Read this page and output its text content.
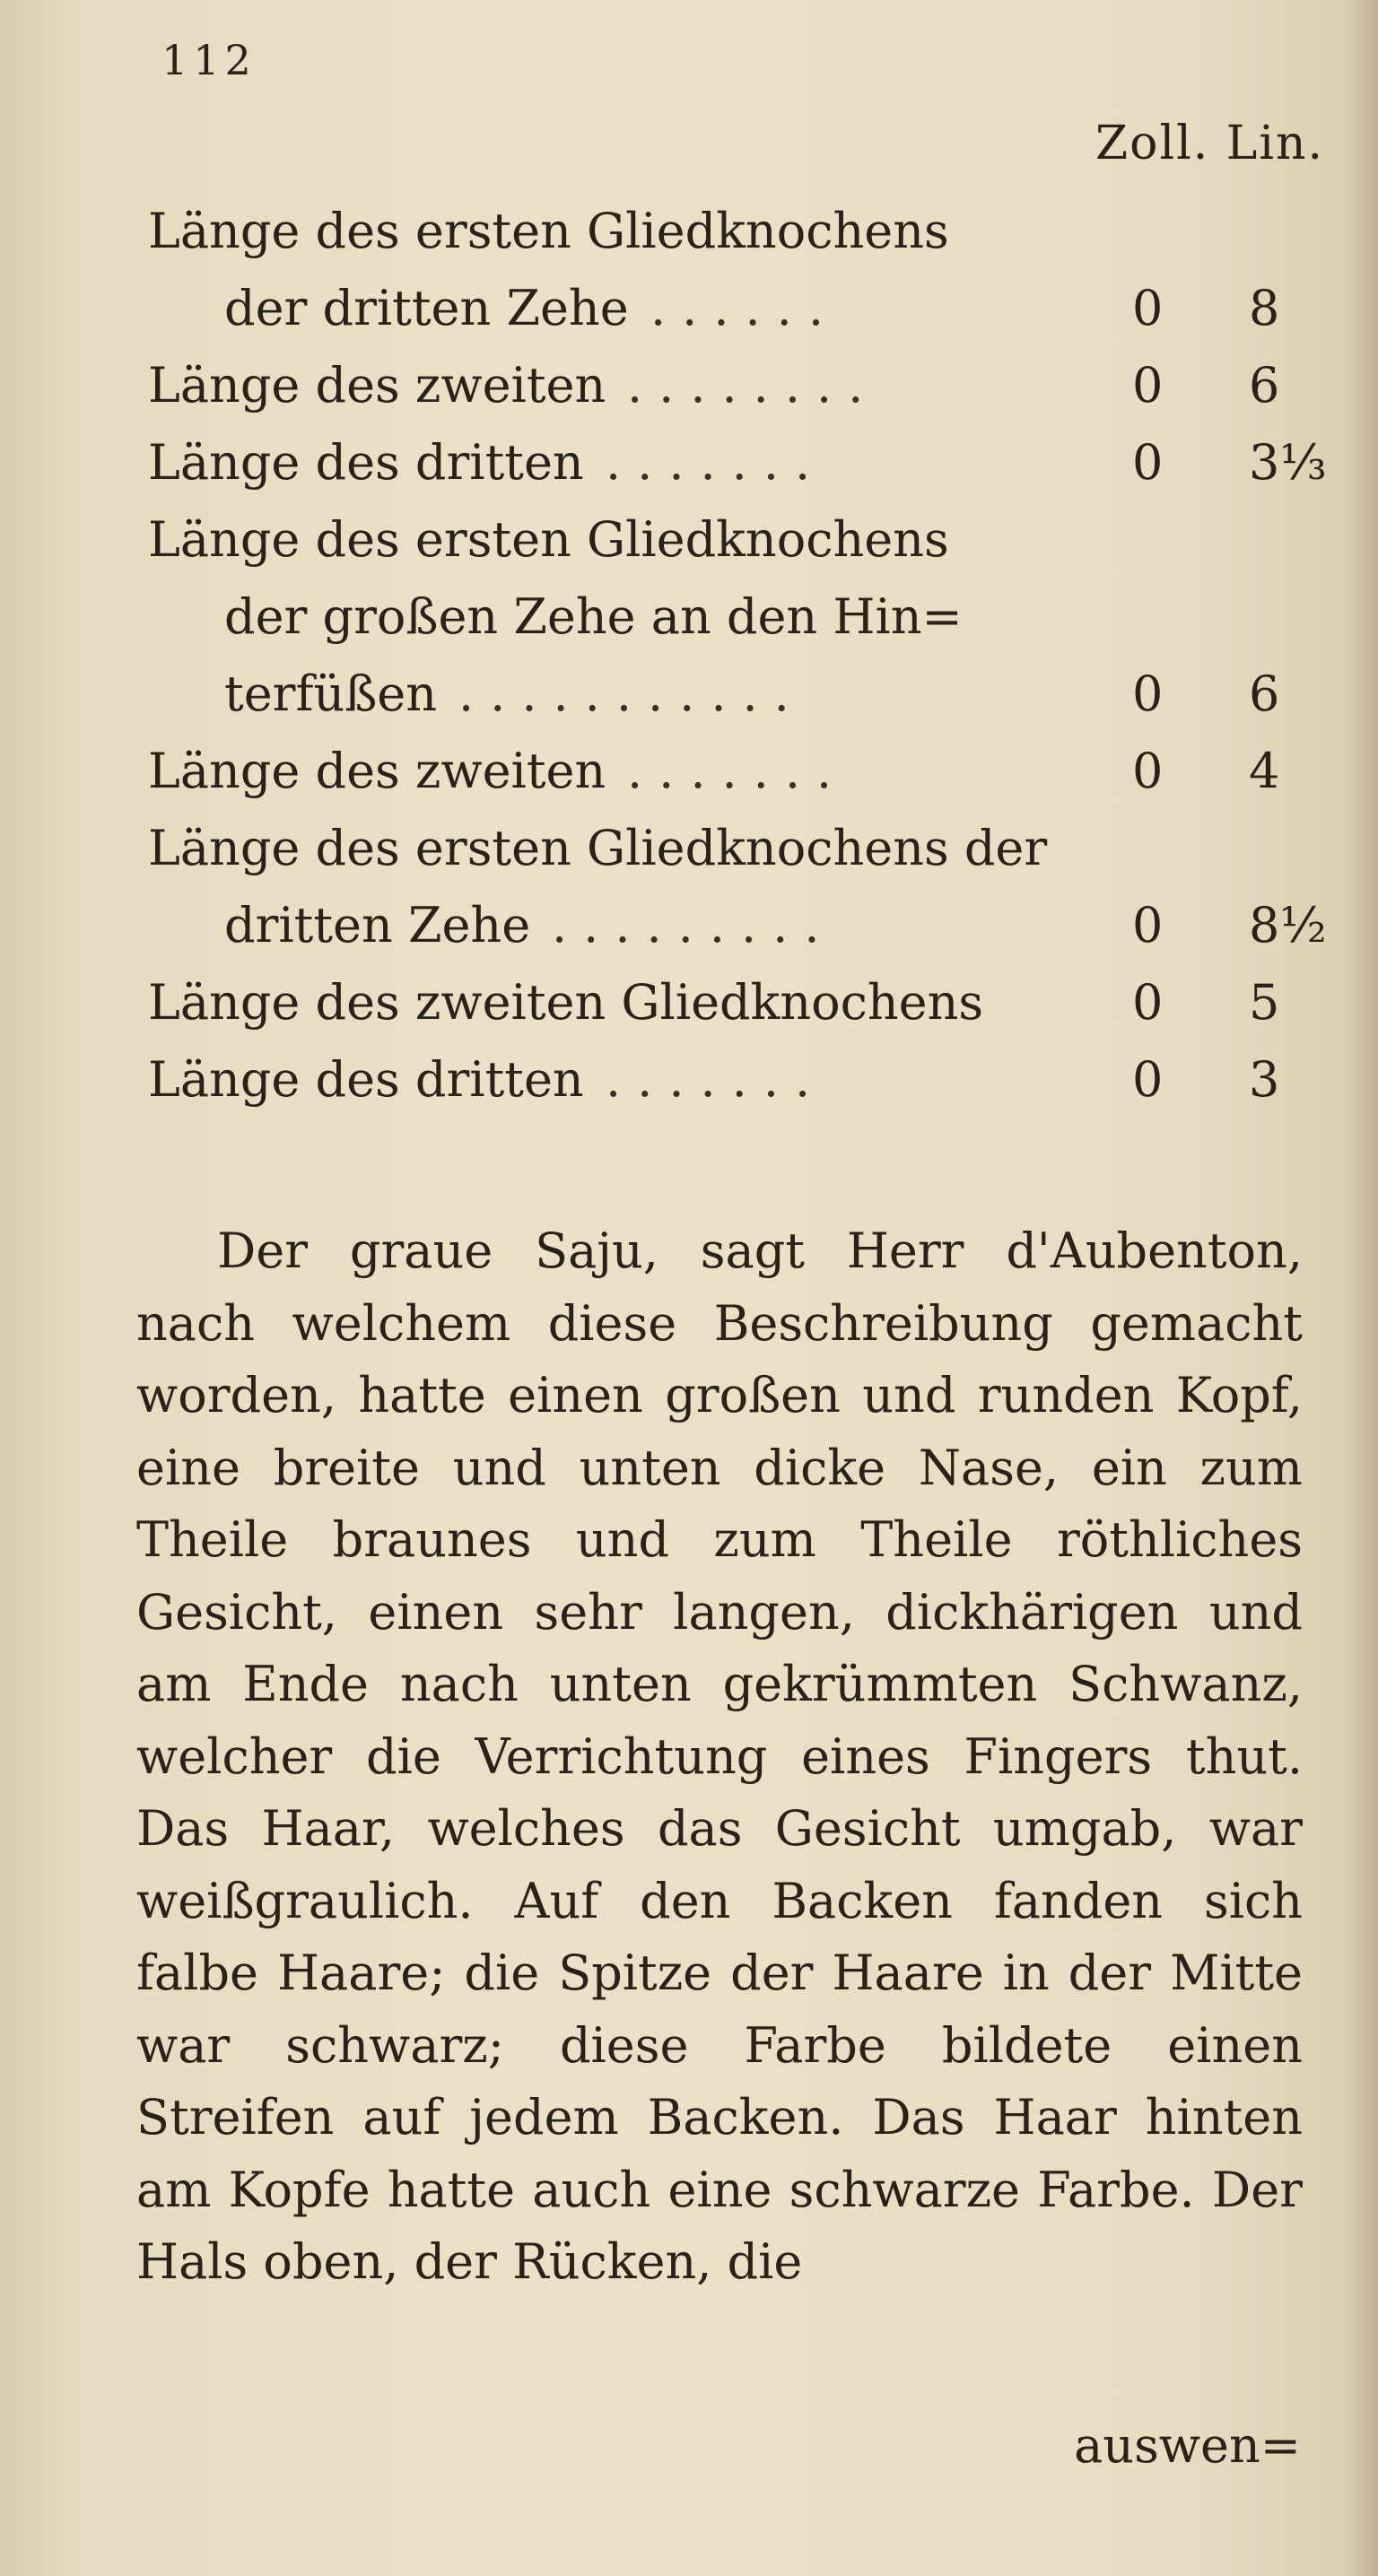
112
Zoll. Lin.
Länge des ersten Gliedknochens
der dritten Zehe ......	0 8
Länge des zweiten ........	0 6
Länge des dritten .......	0 3⅓
Länge des ersten Gliedknochens
der großen Zehe an den Hin=
terfüßen ...........	0 6
Länge des zweiten .......	0 4
Länge des ersten Gliedknochens der
dritten Zehe .........	0 8½
Länge des zweiten Gliedknochens	0 5
Länge des dritten .......	0 3

Der graue Saju, sagt Herr d'Aubenton, nach welchem diese Beschreibung gemacht worden, hatte einen großen und runden Kopf, eine breite und unten dicke Nase, ein zum Theile braunes und zum Theile röthliches Gesicht, einen sehr langen, dickhärigen und am Ende nach unten gekrümmten Schwanz, welcher die Verrichtung eines Fingers thut. Das Haar, welches das Gesicht umgab, war weißgraulich. Auf den Backen fanden sich falbe Haare; die Spitze der Haare in der Mitte war schwarz; diese Farbe bildete einen Streifen auf jedem Backen. Das Haar hinten am Kopfe hatte auch eine schwarze Farbe. Der Hals oben, der Rücken, die

auswen=
